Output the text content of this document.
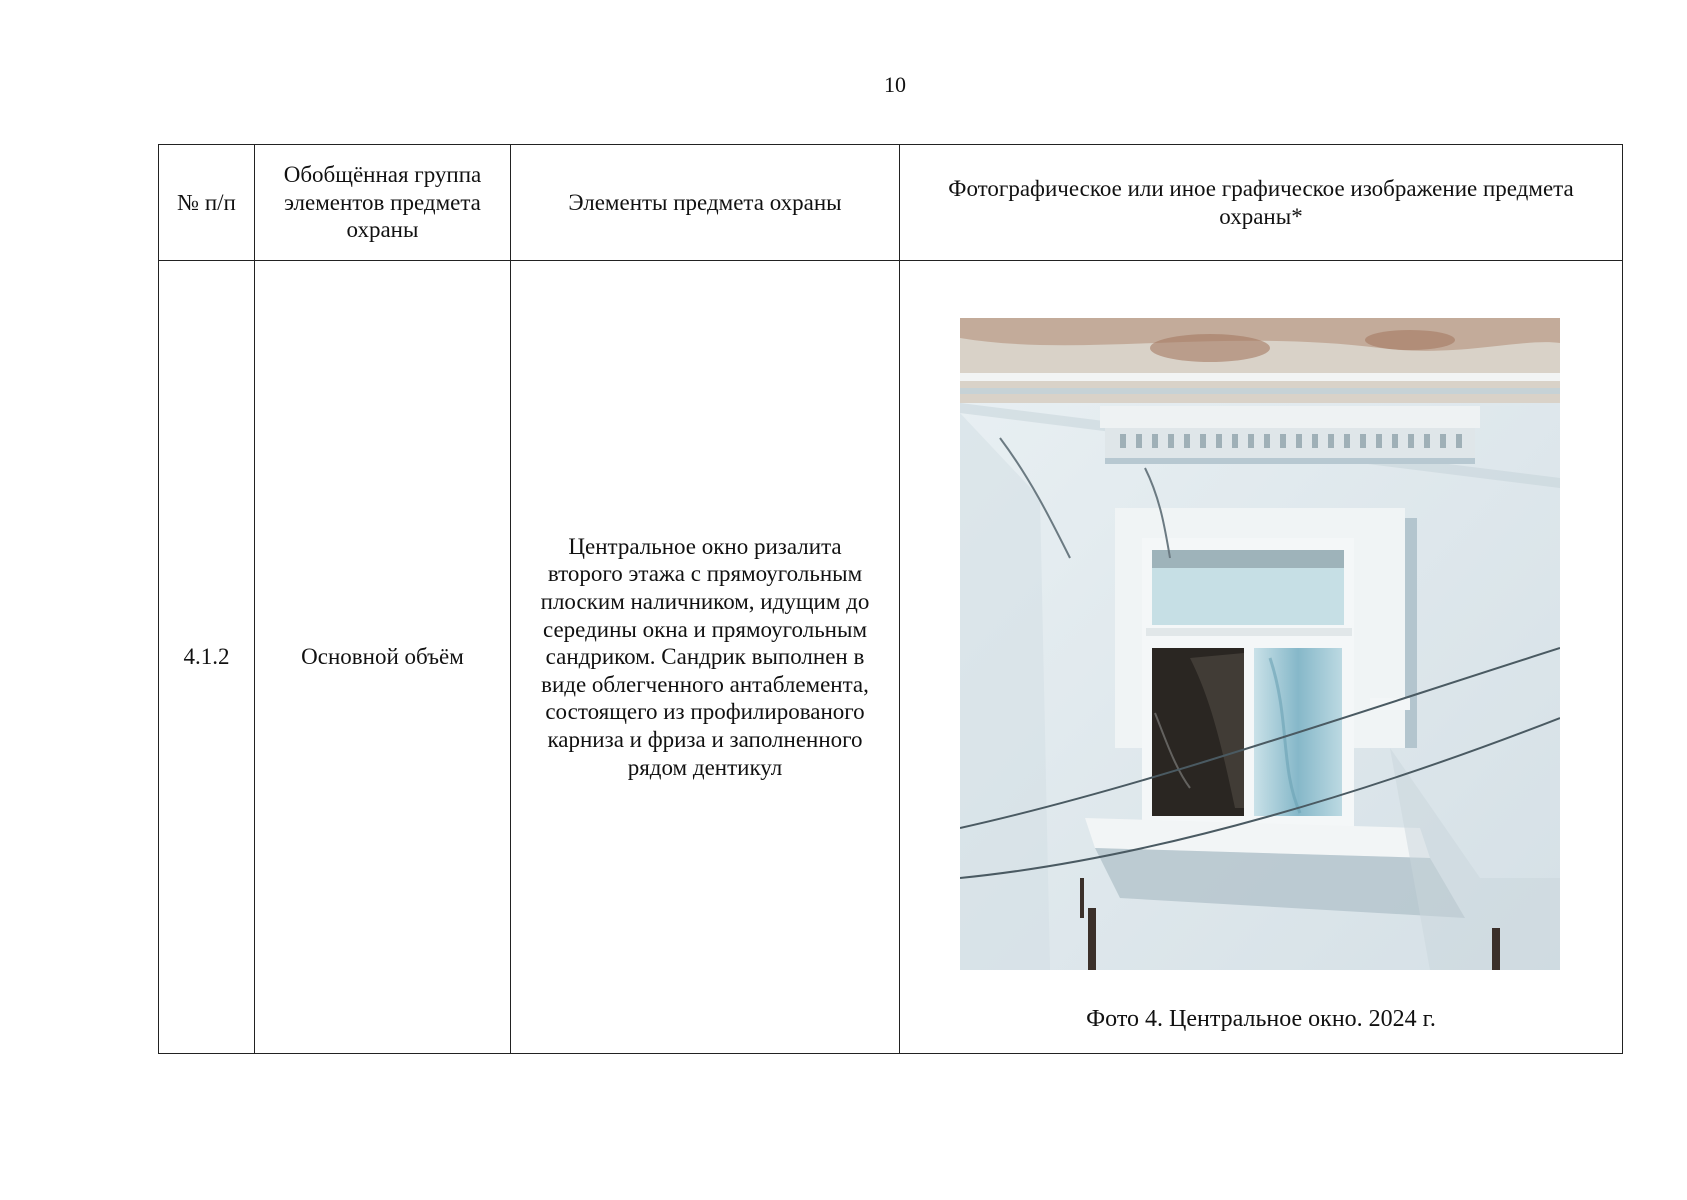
10
№ п/п	Обобщённая группа элементов предмета охраны	Элементы предмета охраны	Фотографическое или иное графическое изображение предмета охраны*
4.1.2	Основной объём	Центральное окно ризалита второго этажа с прямоугольным плоским наличником, идущим до середины окна и прямоугольным сандриком. Сандрик выполнен в виде облегченного антаблемента, состоящего из профилированого карниза и фриза и заполненного рядом дентикул	Фото 4. Центральное окно. 2024 г.
